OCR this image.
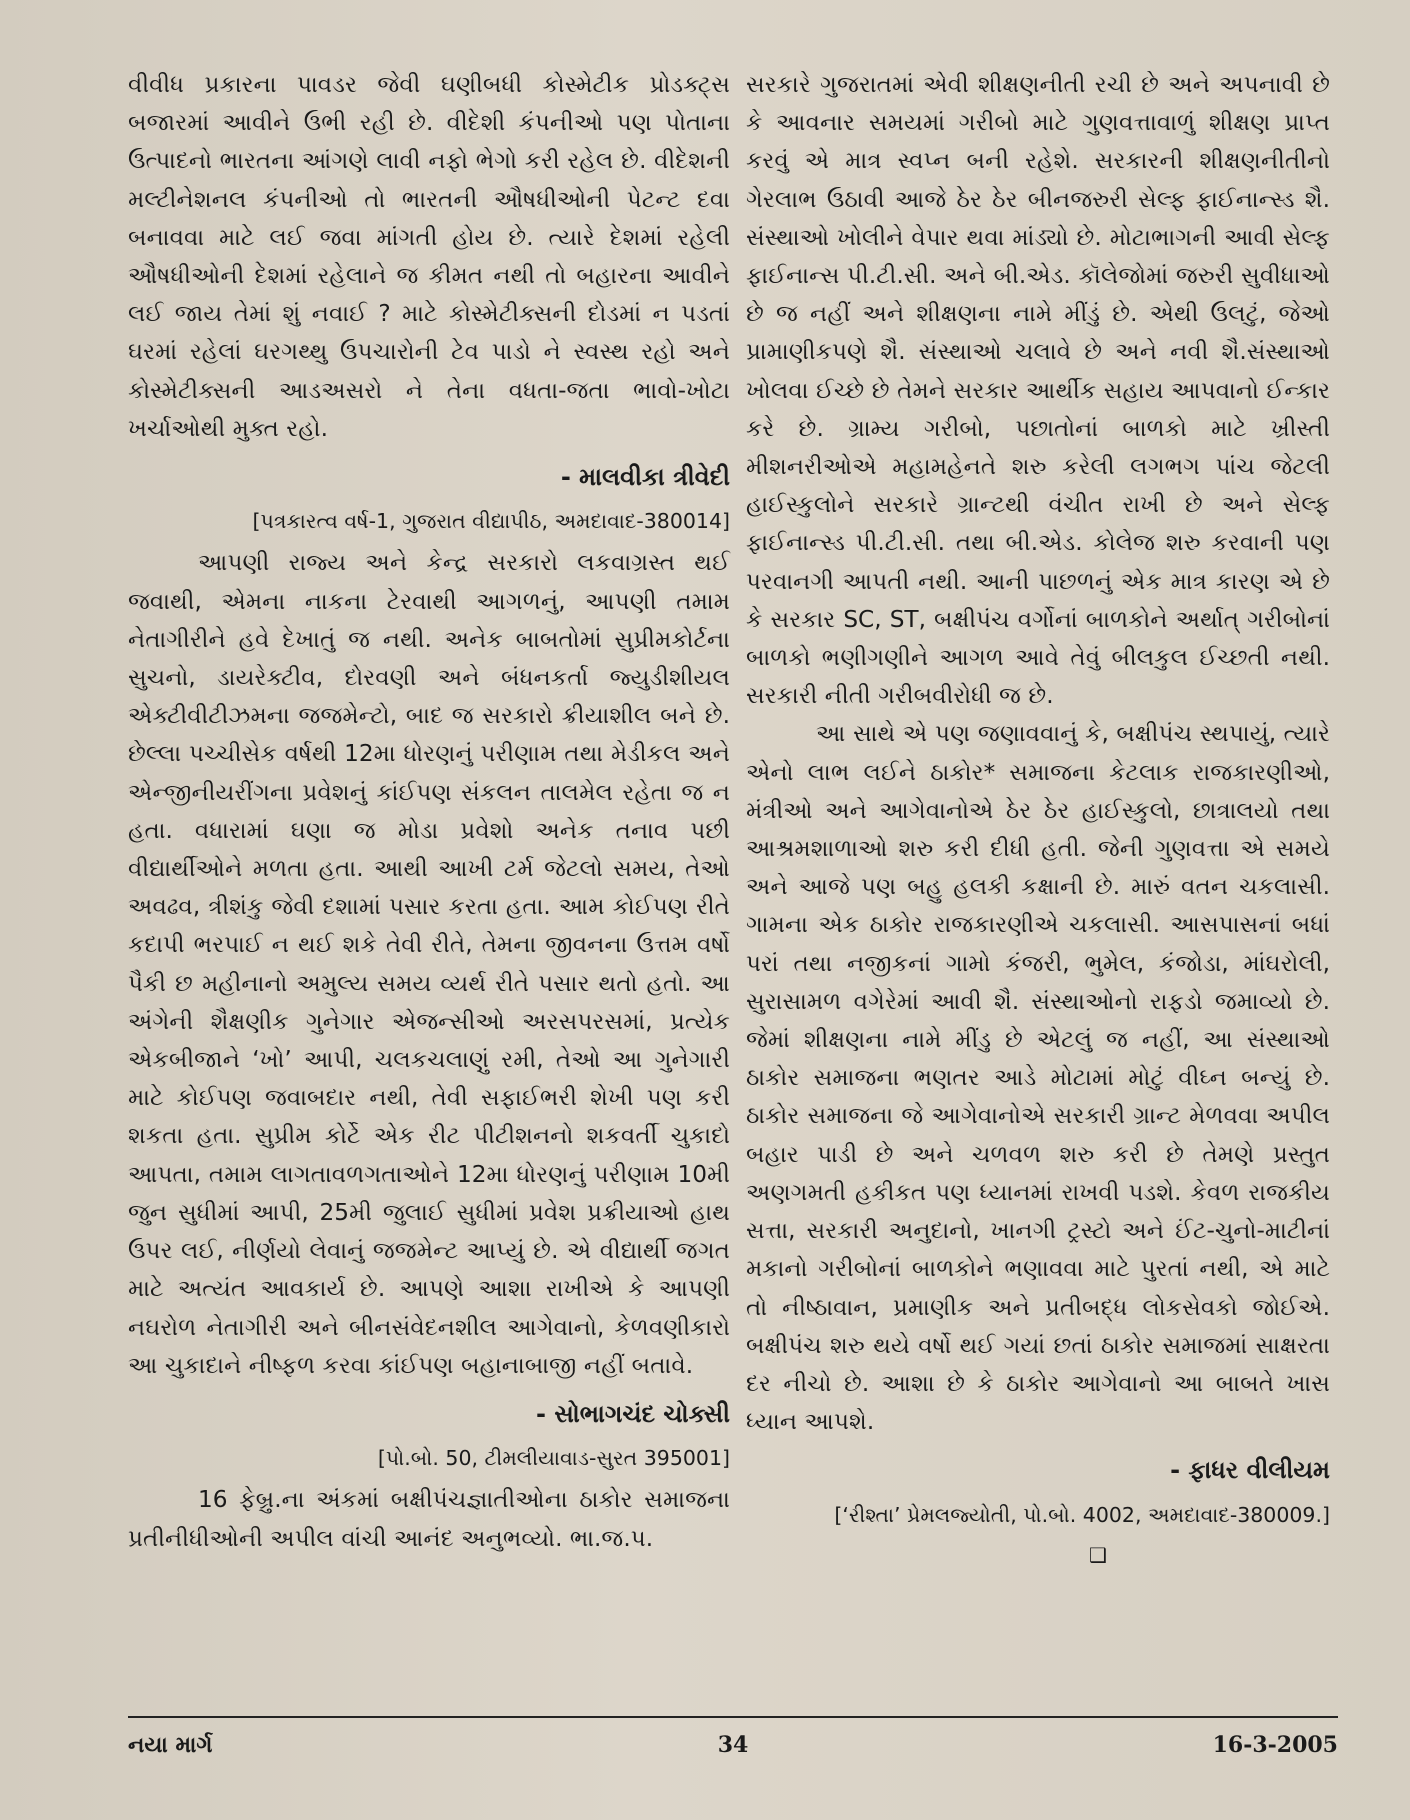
વીવીધ પ્રકારના પાવડર જેવી ઘણીબધી કોસ્મેટીક પ્રોડક્ટ્સ બજારમાં આવીને ઉભી રહી છે. વીદેશી કંપનીઓ પણ પોતાના ઉત્પાદનો ભારતના આંગણે લાવી નફો ભેગો કરી રહેલ છે. વીદેશની મલ્ટીનેશનલ કંપનીઓ તો ભારતની ઔષધીઓની પેટન્ટ દવા બનાવવા માટે લઈ જવા માંગતી હોય છે. ત્યારે દેશમાં રહેલી ઔષધીઓની દેશમાં રહેલાને જ કીમત નથી તો બહારના આવીને લઈ જાય તેમાં શું નવાઈ ? માટે કોસ્મેટીક્સની દોડમાં ન પડતાં ઘરમાં રહેલાં ઘરગથ્થુ ઉપચારોની ટેવ પાડો ને સ્વસ્થ રહો અને કોસ્મેટીક્સની આડઅસરો ને તેના વધતા-જતા ભાવો-ખોટા ખર્ચાઓથી મુક્ત રહો.

- માલવીકા ત્રીવેદી

[પત્રકારત્વ વર્ષ-1, ગુજરાત વીદ્યાપીઠ, અમદાવાદ-380014]

આપણી રાજ્ય અને કેન્દ્ર સરકારો લકવાગ્રસ્ત થઈ જવાથી, એમના નાકના ટેરવાથી આગળનું, આપણી તમામ નેતાગીરીને હવે દેખાતું જ નથી. અનેક બાબતોમાં સુપ્રીમકોર્ટના સુચનો, ડાયરેક્ટીવ, દોરવણી અને બંધનકર્તા જ્યુડીશીયલ એક્ટીવીટીઝમના જજમેન્ટો, બાદ જ સરકારો ક્રીયાશીલ બને છે. છેલ્લા પચ્ચીસેક વર્ષથી 12મા ધોરણનું પરીણામ તથા મેડીકલ અને એન્જીનીયરીંગના પ્રવેશનું કાંઈપણ સંકલન તાલમેલ રહેતા જ ન હતા. વધારામાં ઘણા જ મોડા પ્રવેશો અનેક તનાવ પછી વીદ્યાર્થીઓને મળતા હતા. આથી આખી ટર્મ જેટલો સમય, તેઓ અવઢવ, ત્રીશંકુ જેવી દશામાં પસાર કરતા હતા. આમ કોઈપણ રીતે કદાપી ભરપાઈ ન થઈ શકે તેવી રીતે, તેમના જીવનના ઉત્તમ વર્ષો પૈકી છ મહીનાનો અમુલ્ય સમય વ્યર્થ રીતે પસાર થતો હતો. આ અંગેની શૈક્ષણીક ગુનેગાર એજન્સીઓ અરસપરસમાં, પ્રત્યેક એકબીજાને ‘ખો’ આપી, ચલકચલાણું રમી, તેઓ આ ગુનેગારી માટે કોઈપણ જવાબદાર નથી, તેવી સફાઈભરી શેખી પણ કરી શકતા હતા. સુપ્રીમ કોર્ટે એક રીટ પીટીશનનો શકવર્તી ચુકાદો આપતા, તમામ લાગતાવળગતાઓને 12મા ધોરણનું પરીણામ 10મી જુન સુધીમાં આપી, 25મી જુલાઈ સુધીમાં પ્રવેશ પ્રક્રીયાઓ હાથ ઉપર લઈ, નીર્ણયો લેવાનું જજમેન્ટ આપ્યું છે. એ વીદ્યાર્થી જગત માટે અત્યંત આવકાર્ય છે. આપણે આશા રાખીએ કે આપણી નઘરોળ નેતાગીરી અને બીનસંવેદનશીલ આગેવાનો, કેળવણીકારો આ ચુકાદાને નીષ્ફળ કરવા કાંઈપણ બહાનાબાજી નહીં બતાવે.

- સોભાગચંદ ચોક્સી

[પો.બો. 50, ટીમલીયાવાડ-સુરત 395001]

16 ફેબ્રુ.ના અંકમાં બક્ષીપંચજ્ઞાતીઓના ઠાકોર સમાજના પ્રતીનીધીઓની અપીલ વાંચી આનંદ અનુભવ્યો. ભા.જ.પ.

સરકારે ગુજરાતમાં એવી શીક્ષણનીતી રચી છે અને અપનાવી છે કે આવનાર સમયમાં ગરીબો માટે ગુણવત્તાવાળું શીક્ષણ પ્રાપ્ત કરવું એ માત્ર સ્વપ્ન બની રહેશે. સરકારની શીક્ષણનીતીનો ગેરલાભ ઉઠાવી આજે ઠેર ઠેર બીનજરુરી સેલ્ફ ફાઈનાન્સ્ડ શૈ. સંસ્થાઓ ખોલીને વેપાર થવા માંડ્યો છે. મોટાભાગની આવી સેલ્ફ ફાઈનાન્સ પી.ટી.સી. અને બી.એડ. કૉલેજોમાં જરુરી સુવીધાઓ છે જ નહીં અને શીક્ષણના નામે મીંડું છે. એથી ઉલટું, જેઓ પ્રામાણીકપણે શૈ. સંસ્થાઓ ચલાવે છે અને નવી શૈ.સંસ્થાઓ ખોલવા ઈચ્છે છે તેમને સરકાર આર્થીક સહાય આપવાનો ઈન્કાર કરે છે. ગ્રામ્ય ગરીબો, પછાતોનાં બાળકો માટે ખ્રીસ્તી મીશનરીઓએ મહામહેનતે શરુ કરેલી લગભગ પાંચ જેટલી હાઈસ્કુલોને સરકારે ગ્રાન્ટથી વંચીત રાખી છે અને સેલ્ફ ફાઈનાન્સ્ડ પી.ટી.સી. તથા બી.એડ. કોલેજ શરુ કરવાની પણ પરવાનગી આપતી નથી. આની પાછળનું એક માત્ર કારણ એ છે કે સરકાર SC, ST, બક્ષીપંચ વર્ગોનાં બાળકોને અર્થાત્ ગરીબોનાં બાળકો ભણીગણીને આગળ આવે તેવું બીલકુલ ઈચ્છતી નથી. સરકારી નીતી ગરીબવીરોધી જ છે.

આ સાથે એ પણ જણાવવાનું કે, બક્ષીપંચ સ્થપાયું, ત્યારે એનો લાભ લઈને ઠાકોર* સમાજના કેટલાક રાજકારણીઓ, મંત્રીઓ અને આગેવાનોએ ઠેર ઠેર હાઈસ્કુલો, છાત્રાલયો તથા આશ્રમશાળાઓ શરુ કરી દીધી હતી. જેની ગુણવત્તા એ સમયે અને આજે પણ બહુ હલકી કક્ષાની છે. મારું વતન ચકલાસી. ગામના એક ઠાકોર રાજકારણીએ ચકલાસી. આસપાસનાં બધાં પરાં તથા નજીકનાં ગામો કંજરી, ભુમેલ, કંજોડા, માંઘરોલી, સુરાસામળ વગેરેમાં આવી શૈ. સંસ્થાઓનો રાફડો જમાવ્યો છે. જેમાં શીક્ષણના નામે મીંડુ છે એટલું જ નહીં, આ સંસ્થાઓ ઠાકોર સમાજના ભણતર આડે મોટામાં મોટું વીઘ્ન બન્યું છે. ઠાકોર સમાજના જે આગેવાનોએ સરકારી ગ્રાન્ટ મેળવવા અપીલ બહાર પાડી છે અને ચળવળ શરુ કરી છે તેમણે પ્રસ્તુત અણગમતી હકીકત પણ ધ્યાનમાં રાખવી પડશે. કેવળ રાજકીય સત્તા, સરકારી અનુદાનો, ખાનગી ટ્રસ્ટો અને ઈંટ-ચુનો-માટીનાં મકાનો ગરીબોનાં બાળકોને ભણાવવા માટે પુરતાં નથી, એ માટે તો નીષ્ઠાવાન, પ્રમાણીક અને પ્રતીબદ્ધ લોકસેવકો જોઈએ. બક્ષીપંચ શરુ થયે વર્ષો થઈ ગયાં છતાં ઠાકોર સમાજમાં સાક્ષરતા દર નીચો છે. આશા છે કે ઠાકોર આગેવાનો આ બાબતે ખાસ ધ્યાન આપશે.

- ફાધર વીલીયમ

[‘રીશ્તા’ પ્રેમલજ્યોતી, પો.બો. 4002, અમદાવાદ-380009.]

❑

નયા માર્ગ	34	16-3-2005
